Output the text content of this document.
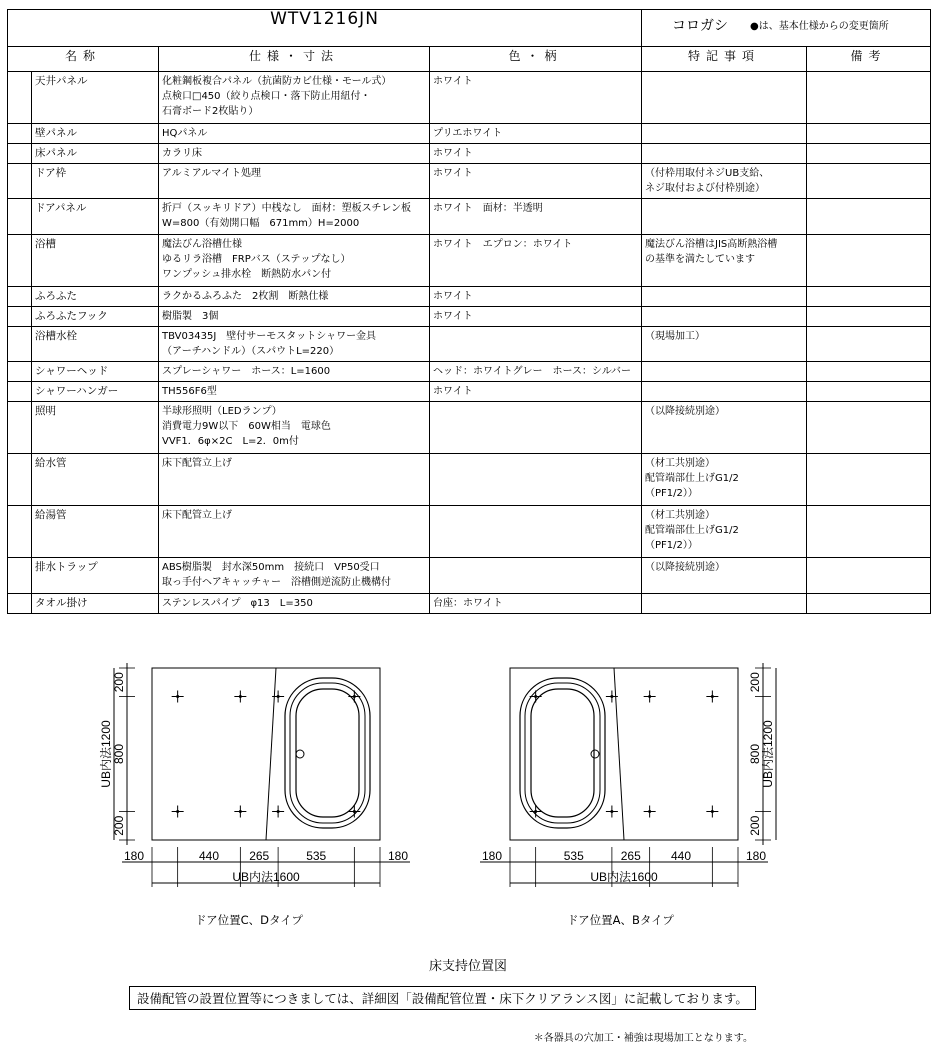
WTV1216JN				コロガシ ●は、基本仕様からの変更箇所	

名称		仕様・寸法	色・柄	特記事項	備考
	天井パネル	化粧鋼板複合パネル（抗菌防カビ仕様・モール式）
点検口□450（絞り点検口・落下防止用紐付・
石膏ボード2枚貼り）	ホワイト		
	壁パネル	HQパネル	プリエホワイト		
	床パネル	カラリ床	ホワイト		
	ドア枠	アルミアルマイト処理	ホワイト	（付枠用取付ネジUB支給、
ネジ取付および付枠別途）	
	ドアパネル	折戸（スッキリドア）中桟なし　面材：塑板スチレン板
W=800（有効開口幅　671mm）H=2000	ホワイト　面材：半透明		
	浴槽	魔法びん浴槽仕様
ゆるリラ浴槽　FRPバス（ステップなし）
ワンプッシュ排水栓　断熱防水パン付	ホワイト　エプロン：ホワイト	魔法びん浴槽はJIS高断熱浴槽
の基準を満たしています	
	ふろふた	ラクかるふろふた　2枚割　断熱仕様	ホワイト		
	ふろふたフック	樹脂製　3個	ホワイト		
	浴槽水栓	TBV03435J　壁付サーモスタットシャワー金具
（アーチハンドル）（スパウトL=220）		（現場加工）	
	シャワーヘッド	スプレーシャワー　ホース：L=1600	ヘッド：ホワイトグレー　ホース：シルバー		
	シャワーハンガー	TH556F6型	ホワイト		
	照明	半球形照明（LEDランプ）
消費電力9W以下　60W相当　電球色
VVF1．6φ×2C　L=2．0m付		（以降接続別途）	
	給水管	床下配管立上げ		（材工共別途）
配管端部仕上げG1/2
（PF1/2））	
	給湯管	床下配管立上げ		（材工共別途）
配管端部仕上げG1/2
（PF1/2））	
	排水トラップ	ABS樹脂製　封水深50mm　接続口　VP50受口
取っ手付ヘアキャッチャー　浴槽側逆流防止機構付		（以降接続別途）	
	タオル掛け	ステンレスパイプ　φ13　L=350	台座：ホワイト		
180	440	265	535	180
UB内法1600
200
800
200
UB内法1200
180	535	265	440	180
UB内法1600
200
800
200
UB内法1200
ドア位置C、Dタイプ	ドア位置A、Bタイプ
床支持位置図
設備配管の設置位置等につきましては、詳細図「設備配管位置・床下クリアランス図」に記載しております。
＊各器具の穴加工・補強は現場加工となります。
